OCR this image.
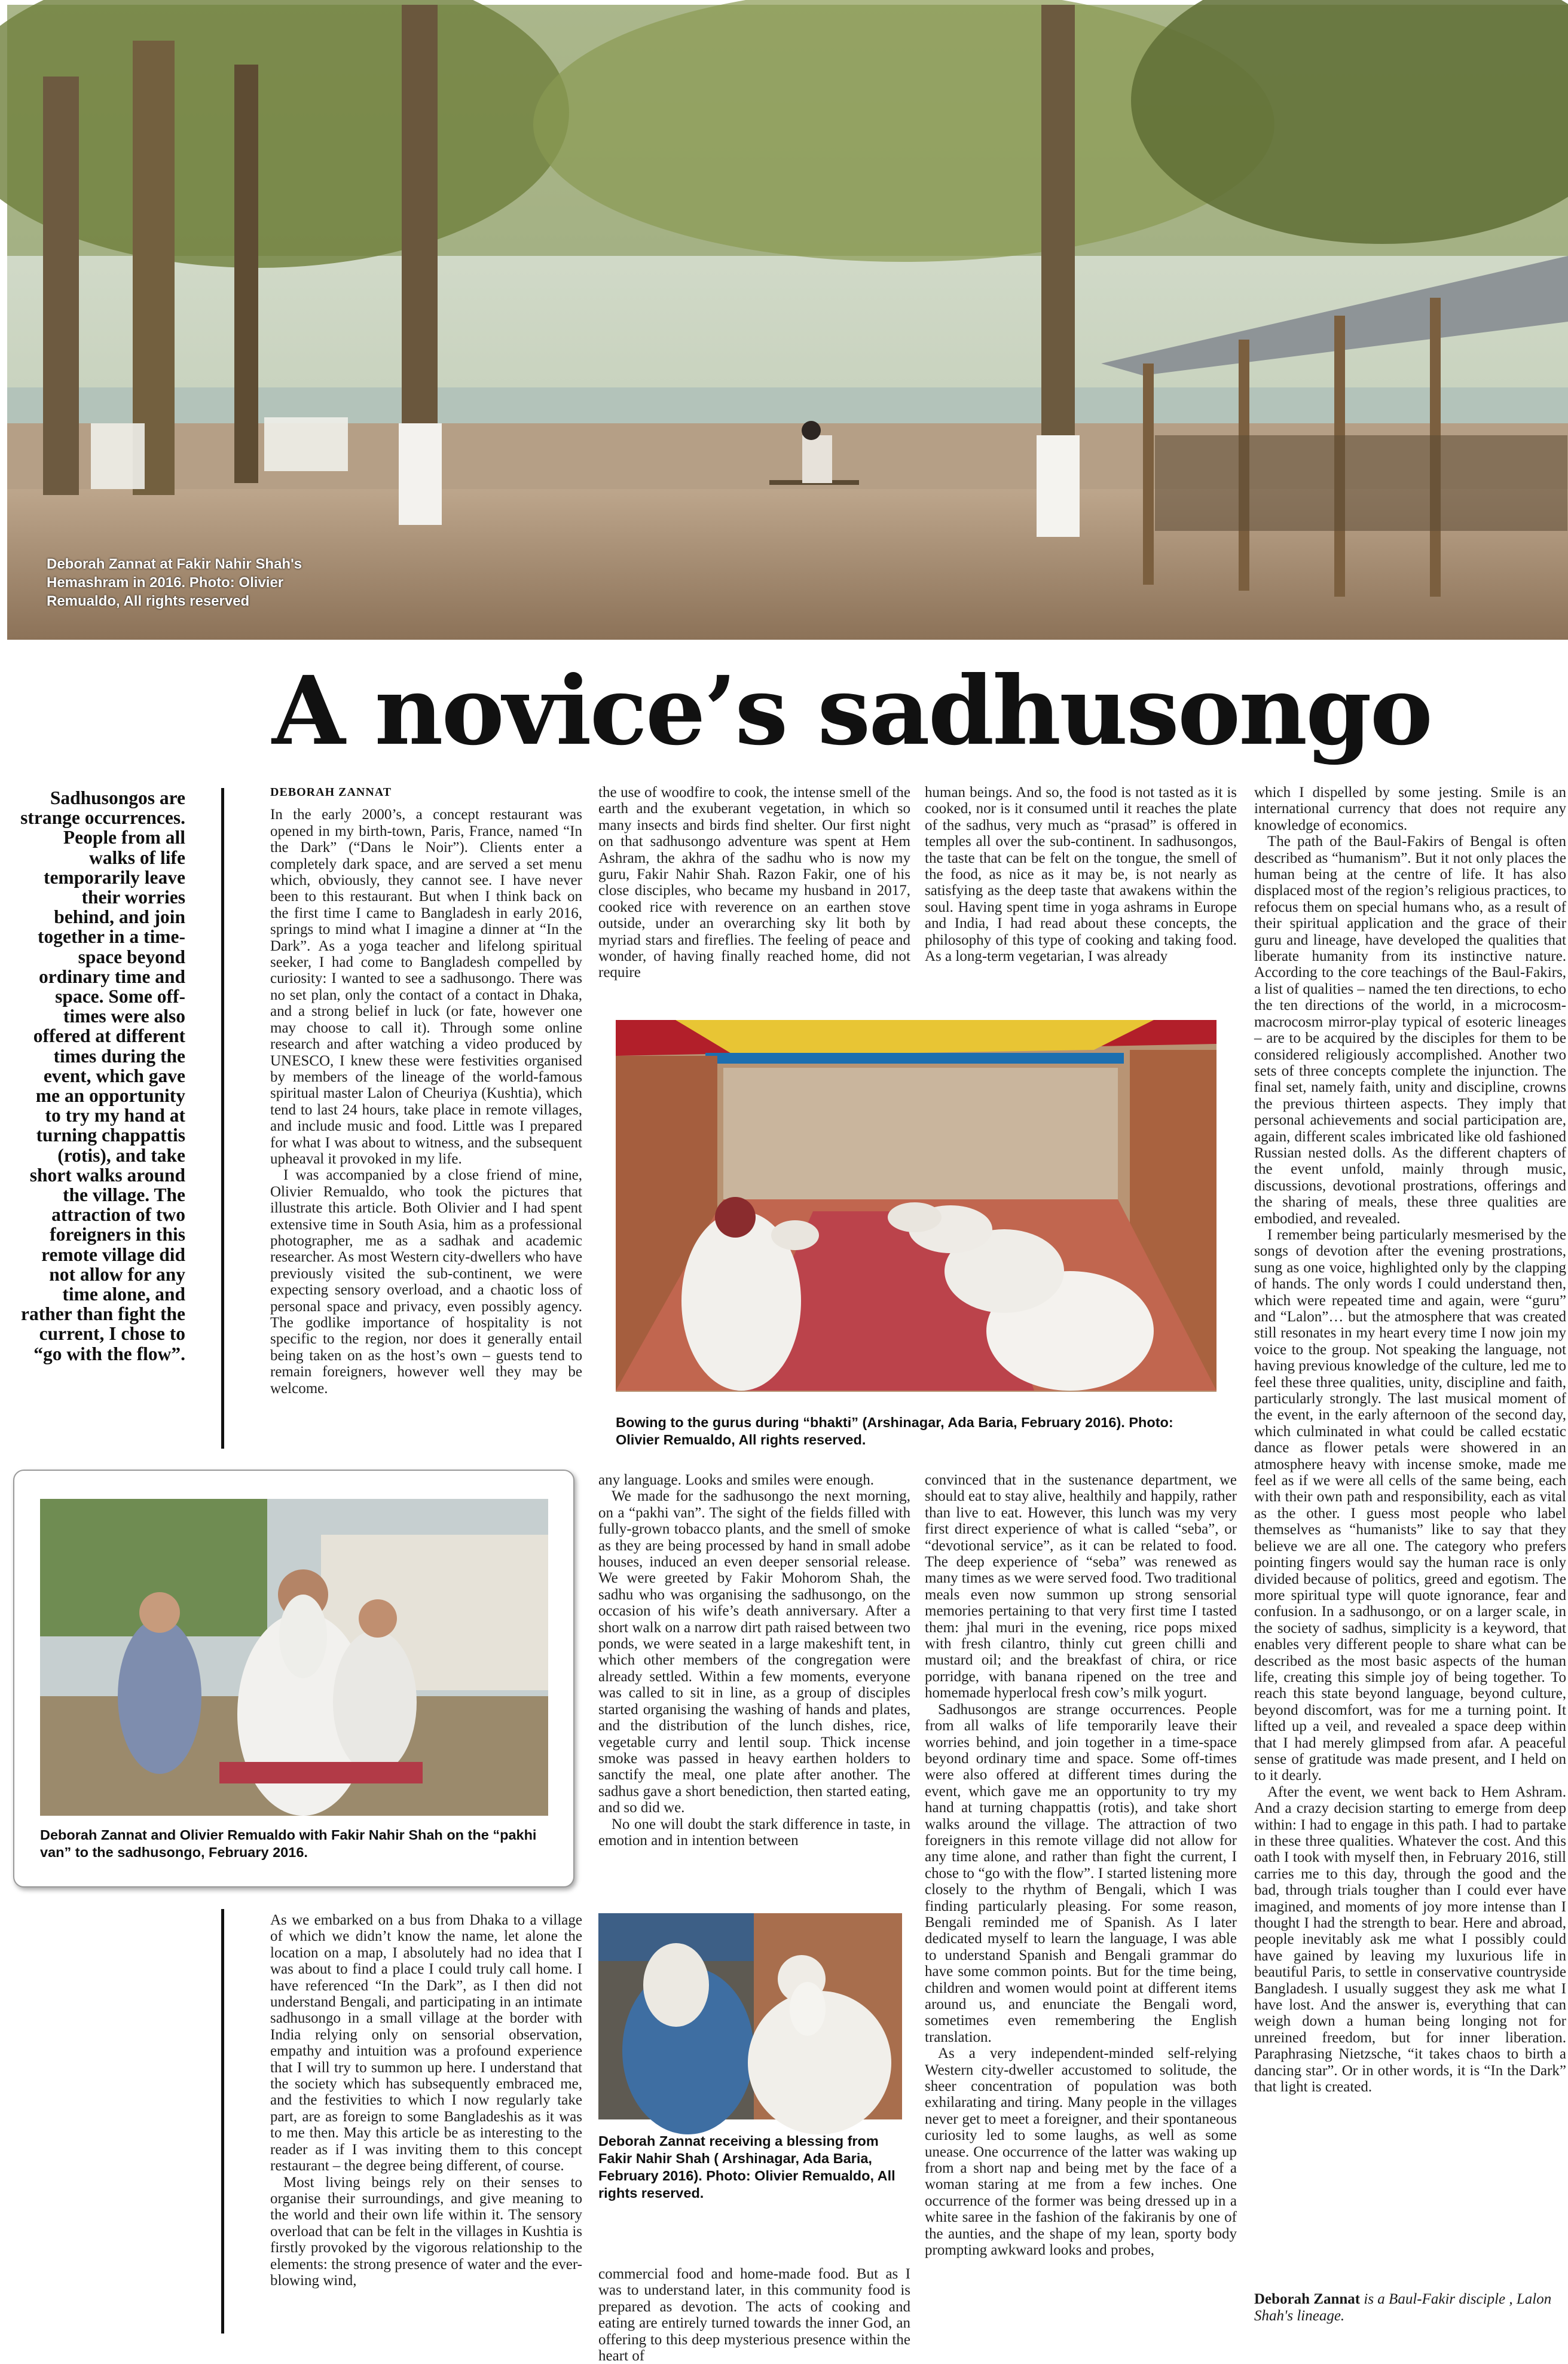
Deborah Zannat at Fakir Nahir Shah's Hemashram in 2016. Photo: Olivier Remualdo, All rights reserved
A novice’s sadhusongo
Sadhusongos are strange occurrences. People from all walks of life temporarily leave their worries behind, and join together in a time-space beyond ordinary time and space. Some off-times were also offered at different times during the event, which gave me an opportunity to try my hand at turning chappattis (rotis), and take short walks around the village. The attraction of two foreigners in this remote village did not allow for any time alone, and rather than fight the current, I chose to “go with the flow”.
DEBORAH ZANNAT

In the early 2000’s, a concept restaurant was opened in my birth-town, Paris, France, named “In the Dark” (“Dans le Noir”). Clients enter a completely dark space, and are served a set menu which, obviously, they cannot see. I have never been to this restaurant. But when I think back on the first time I came to Bangladesh in early 2016, springs to mind what I imagine a dinner at “In the Dark”. As a yoga teacher and lifelong spiritual seeker, I had come to Bangladesh compelled by curiosity: I wanted to see a sadhusongo. There was no set plan, only the contact of a contact in Dhaka, and a strong belief in luck (or fate, however one may choose to call it). Through some online research and after watching a video produced by UNESCO, I knew these were festivities organised by members of the lineage of the world-famous spiritual master Lalon of Cheuriya (Kushtia), which tend to last 24 hours, take place in remote villages, and include music and food. Little was I prepared for what I was about to witness, and the subsequent upheaval it provoked in my life.

I was accompanied by a close friend of mine, Olivier Remualdo, who took the pictures that illustrate this article. Both Olivier and I had spent extensive time in South Asia, him as a professional photographer, me as a sadhak and academic researcher. As most Western city-dwellers who have previously visited the sub-continent, we were expecting sensory overload, and a chaotic loss of personal space and privacy, even possibly agency. The godlike importance of hospitality is not specific to the region, nor does it generally entail being taken on as the host’s own – guests tend to remain foreigners, however well they may be welcome.

the use of woodfire to cook, the intense smell of the earth and the exuberant vegetation, in which so many insects and birds find shelter. Our first night on that sadhusongo adventure was spent at Hem Ashram, the akhra of the sadhu who is now my guru, Fakir Nahir Shah. Razon Fakir, one of his close disciples, who became my husband in 2017, cooked rice with reverence on an earthen stove outside, under an overarching sky lit both by myriad stars and fireflies. The feeling of peace and wonder, of having finally reached home, did not require

human beings. And so, the food is not tasted as it is cooked, nor is it consumed until it reaches the plate of the sadhus, very much as “prasad” is offered in temples all over the sub-continent. In sadhusongos, the taste that can be felt on the tongue, the smell of the food, as nice as it may be, is not nearly as satisfying as the deep taste that awakens within the soul. Having spent time in yoga ashrams in Europe and India, I had read about these concepts, the philosophy of this type of cooking and taking food. As a long-term vegetarian, I was already

Bowing to the gurus during “bhakti” (Arshinagar, Ada Baria, February 2016). Photo: Olivier Remualdo, All rights reserved.

which I dispelled by some jesting. Smile is an international currency that does not require any knowledge of economics.

The path of the Baul-Fakirs of Bengal is often described as “humanism”. But it not only places the human being at the centre of life. It has also displaced most of the region’s religious practices, to refocus them on special humans who, as a result of their spiritual application and the grace of their guru and lineage, have developed the qualities that liberate humanity from its instinctive nature. According to the core teachings of the Baul-Fakirs, a list of qualities – named the ten directions, to echo the ten directions of the world, in a microcosm-macrocosm mirror-play typical of esoteric lineages – are to be acquired by the disciples for them to be considered religiously accomplished. Another two sets of three concepts complete the injunction. The final set, namely faith, unity and discipline, crowns the previous thirteen aspects. They imply that personal achievements and social participation are, again, different scales imbricated like old fashioned Russian nested dolls. As the different chapters of the event unfold, mainly through music, discussions, devotional prostrations, offerings and the sharing of meals, these three qualities are embodied, and revealed.

I remember being particularly mesmerised by the songs of devotion after the evening prostrations, sung as one voice, highlighted only by the clapping of hands. The only words I could understand then, which were repeated time and again, were “guru” and “Lalon”… but the atmosphere that was created still resonates in my heart every time I now join my voice to the group. Not speaking the language, not having previous knowledge of the culture, led me to feel these three qualities, unity, discipline and faith, particularly strongly. The last musical moment of the event, in the early afternoon of the second day, which culminated in what could be called ecstatic dance as flower petals were showered in an atmosphere heavy with incense smoke, made me feel as if we were all cells of the same being, each with their own path and responsibility, each as vital as the other. I guess most people who label themselves as “humanists” like to say that they believe we are all one. The category who prefers pointing fingers would say the human race is only divided because of politics, greed and egotism. The more spiritual type will quote ignorance, fear and confusion. In a sadhusongo, or on a larger scale, in the society of sadhus, simplicity is a keyword, that enables very different people to share what can be described as the most basic aspects of the human life, creating this simple joy of being together. To reach this state beyond language, beyond culture, beyond discomfort, was for me a turning point. It lifted up a veil, and revealed a space deep within that I had merely glimpsed from afar. A peaceful sense of gratitude was made present, and I held on to it dearly.

After the event, we went back to Hem Ashram. And a crazy decision starting to emerge from deep within: I had to engage in this path. I had to partake in these three qualities. Whatever the cost. And this oath I took with myself then, in February 2016, still carries me to this day, through the good and the bad, through trials tougher than I could ever have imagined, and moments of joy more intense than I thought I had the strength to bear. Here and abroad, people inevitably ask me what I possibly could have gained by leaving my luxurious life in beautiful Paris, to settle in conservative countryside Bangladesh. I usually suggest they ask me what I have lost. And the answer is, everything that can weigh down a human being longing not for unreined freedom, but for inner liberation. Paraphrasing Nietzsche, “it takes chaos to birth a dancing star”. Or in other words, it is “In the Dark” that light is created.

Deborah Zannat is a Baul-Fakir disciple , Lalon Shah's lineage.
Deborah Zannat and Olivier Remualdo with Fakir Nahir Shah on the “pakhi van” to the sadhusongo, February 2016.

As we embarked on a bus from Dhaka to a village of which we didn’t know the name, let alone the location on a map, I absolutely had no idea that I was about to find a place I could truly call home. I have referenced “In the Dark”, as I then did not understand Bengali, and participating in an intimate sadhusongo in a small village at the border with India relying only on sensorial observation, empathy and intuition was a profound experience that I will try to summon up here. I understand that the society which has subsequently embraced me, and the festivities to which I now regularly take part, are as foreign to some Bangladeshis as it was to me then. May this article be as interesting to the reader as if I was inviting them to this concept restaurant – the degree being different, of course.

Most living beings rely on their senses to organise their surroundings, and give meaning to the world and their own life within it. The sensory overload that can be felt in the villages in Kushtia is firstly provoked by the vigorous relationship to the elements: the strong presence of water and the ever-blowing wind,

any language. Looks and smiles were enough.

We made for the sadhusongo the next morning, on a “pakhi van”. The sight of the fields filled with fully-grown tobacco plants, and the smell of smoke as they are being processed by hand in small adobe houses, induced an even deeper sensorial release. We were greeted by Fakir Mohorom Shah, the sadhu who was organising the sadhusongo, on the occasion of his wife’s death anniversary. After a short walk on a narrow dirt path raised between two ponds, we were seated in a large makeshift tent, in which other members of the congregation were already settled. Within a few moments, everyone was called to sit in line, as a group of disciples started organising the washing of hands and plates, and the distribution of the lunch dishes, rice, vegetable curry and lentil soup. Thick incense smoke was passed in heavy earthen holders to sanctify the meal, one plate after another. The sadhus gave a short benediction, then started eating, and so did we.

No one will doubt the stark difference in taste, in emotion and in intention between

Deborah Zannat receiving a blessing from Fakir Nahir Shah ( Arshinagar, Ada Baria, February 2016). Photo: Olivier Remualdo, All rights reserved.

commercial food and home-made food. But as I was to understand later, in this community food is prepared as devotion. The acts of cooking and eating are entirely turned towards the inner God, an offering to this deep mysterious presence within the heart of

convinced that in the sustenance department, we should eat to stay alive, healthily and happily, rather than live to eat. However, this lunch was my very first direct experience of what is called “seba”, or “devotional service”, as it can be related to food. The deep experience of “seba” was renewed as many times as we were served food. Two traditional meals even now summon up strong sensorial memories pertaining to that very first time I tasted them: jhal muri in the evening, rice pops mixed with fresh cilantro, thinly cut green chilli and mustard oil; and the breakfast of chira, or rice porridge, with banana ripened on the tree and homemade hyperlocal fresh cow’s milk yogurt.

Sadhusongos are strange occurrences. People from all walks of life temporarily leave their worries behind, and join together in a time-space beyond ordinary time and space. Some off-times were also offered at different times during the event, which gave me an opportunity to try my hand at turning chappattis (rotis), and take short walks around the village. The attraction of two foreigners in this remote village did not allow for any time alone, and rather than fight the current, I chose to “go with the flow”. I started listening more closely to the rhythm of Bengali, which I was finding particularly pleasing. For some reason, Bengali reminded me of Spanish. As I later dedicated myself to learn the language, I was able to understand Spanish and Bengali grammar do have some common points. But for the time being, children and women would point at different items around us, and enunciate the Bengali word, sometimes even remembering the English translation.

As a very independent-minded self-relying Western city-dweller accustomed to solitude, the sheer concentration of population was both exhilarating and tiring. Many people in the villages never get to meet a foreigner, and their spontaneous curiosity led to some laughs, as well as some unease. One occurrence of the latter was waking up from a short nap and being met by the face of a woman staring at me from a few inches. One occurrence of the former was being dressed up in a white saree in the fashion of the fakiranis by one of the aunties, and the shape of my lean, sporty body prompting awkward looks and probes,
